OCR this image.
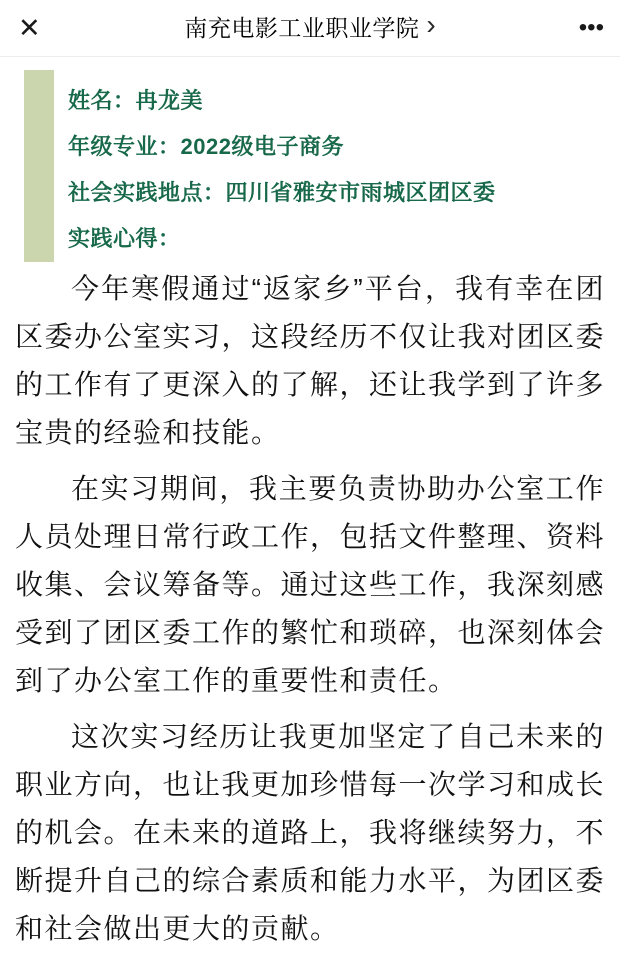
✕	南充电影工业职业学院 ›	•••
姓名：冉龙美
年级专业：2022级电子商务
社会实践地点：四川省雅安市雨城区团区委
实践心得：

今年寒假通过“返家乡”平台，我有幸在团区委办公室实习，这段经历不仅让我对团区委的工作有了更深入的了解，还让我学到了许多宝贵的经验和技能。

在实习期间，我主要负责协助办公室工作人员处理日常行政工作，包括文件整理、资料收集、会议筹备等。通过这些工作，我深刻感受到了团区委工作的繁忙和琐碎，也深刻体会到了办公室工作的重要性和责任。

这次实习经历让我更加坚定了自己未来的职业方向，也让我更加珍惜每一次学习和成长的机会。在未来的道路上，我将继续努力，不断提升自己的综合素质和能力水平，为团区委和社会做出更大的贡献。
